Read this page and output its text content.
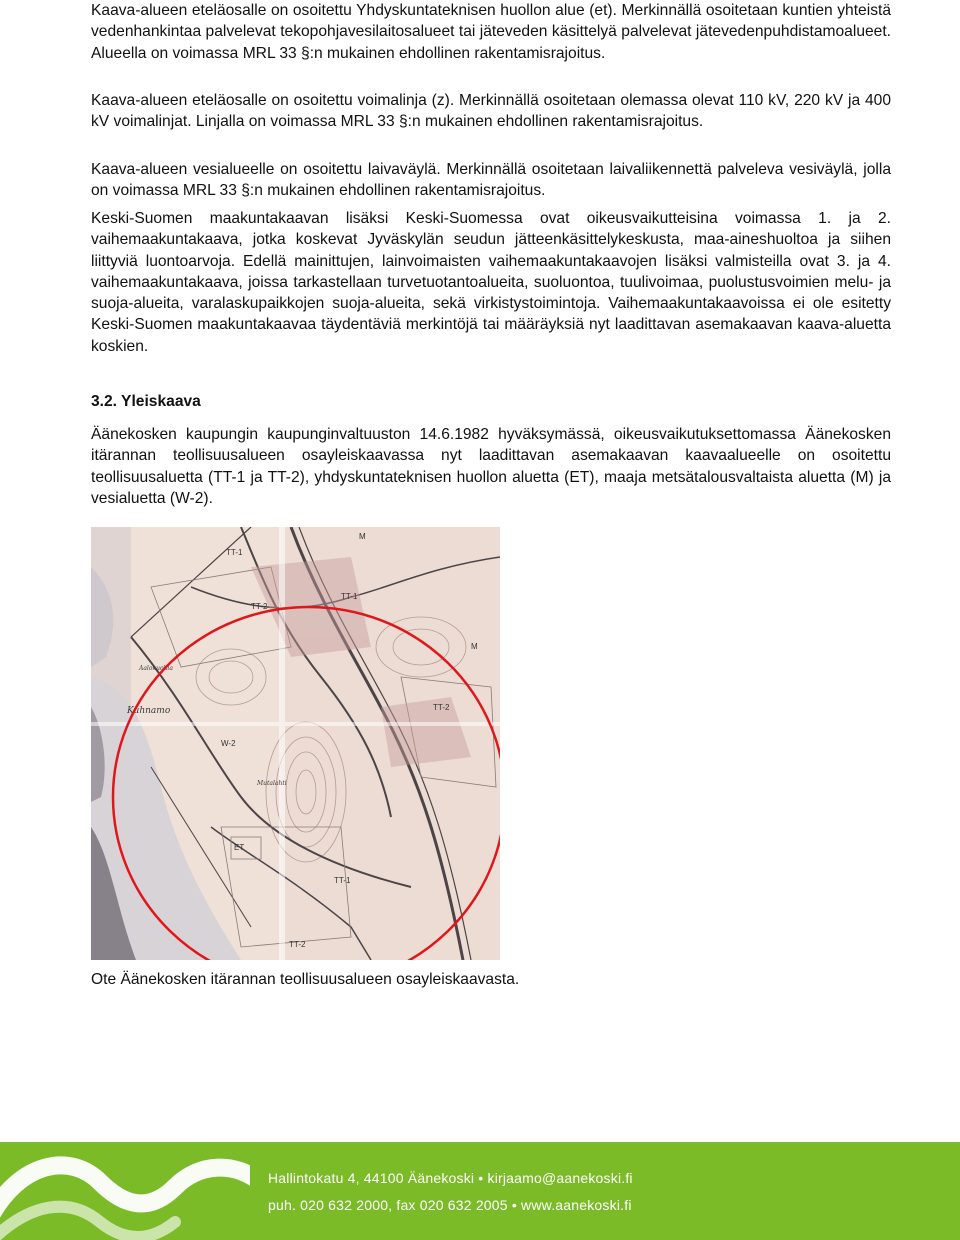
Kaava-alueen eteläosalle on osoitettu Yhdyskuntateknisen huollon alue (et). Merkinnällä osoitetaan kuntien yhteistä vedenhankintaa palvelevat tekopohjavesilaitosalueet tai jäteveden käsittelyä palvelevat jätevedenpuhdistamoalueet. Alueella on voimassa MRL 33 §:n mukainen ehdollinen rakentamisrajoitus.

Kaava-alueen eteläosalle on osoitettu voimalinja (z). Merkinnällä osoitetaan olemassa olevat 110 kV, 220 kV ja 400 kV voimalinjat. Linjalla on voimassa MRL 33 §:n mukainen ehdollinen rakentamisrajoitus.

Kaava-alueen vesialueelle on osoitettu laivaväylä. Merkinnällä osoitetaan laivaliikennettä palveleva vesiväylä, jolla on voimassa MRL 33 §:n mukainen ehdollinen rakentamisrajoitus.

Keski-Suomen maakuntakaavan lisäksi Keski-Suomessa ovat oikeusvaikutteisina voimassa 1. ja 2. vaihemaakuntakaava, jotka koskevat Jyväskylän seudun jätteenkäsittelykeskusta, maa-aineshuoltoa ja siihen liittyviä luontoarvoja. Edellä mainittujen, lainvoimaisten vaihemaakuntakaavojen lisäksi valmisteilla ovat 3. ja 4. vaihemaakuntakaava, joissa tarkastellaan turvetuotantoalueita, suoluontoa, tuulivoimaa, puolustusvoimien melu- ja suoja-alueita, varalaskupaikkojen suoja-alueita, sekä virkistystoimintoja. Vaihemaakuntakaavoissa ei ole esitetty Keski-Suomen maakuntakaavaa täydentäviä merkintöjä tai määräyksiä nyt laadittavan asemakaavan kaava-aluetta koskien.

3.2. Yleiskaava

Äänekosken kaupungin kaupunginvaltuuston 14.6.1982 hyväksymässä, oikeusvaikutuksettomassa Äänekosken itärannan teollisuusalueen osayleiskaavassa nyt laadittavan asemakaavan kaavaalueelle on osoitettu teollisuusaluetta (TT-1 ja TT-2), yhdyskuntateknisen huollon aluetta (ET), maaja metsätalousvaltaista aluetta (M) ja vesialuetta (W-2).

TT-1
TT-1
TT-1
TT-2
TT-2
TT-2
W-2
ET
M
M
Kuhnamo
Aalokuohla
Mutalahti

Ote Äänekosken itärannan teollisuusalueen osayleiskaavasta.

Hallintokatu 4, 44100 Äänekoski • kirjaamo@aanekoski.fi
puh. 020 632 2000, fax 020 632 2005 • www.aanekoski.fi
